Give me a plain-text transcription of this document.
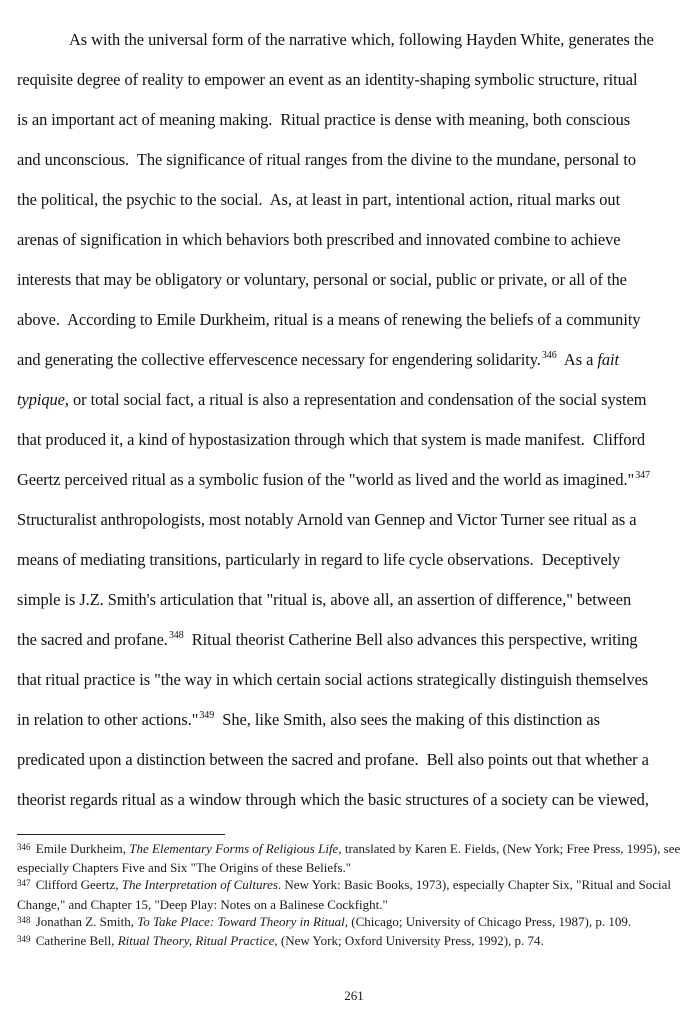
As with the universal form of the narrative which, following Hayden White, generates the
requisite degree of reality to empower an event as an identity-shaping symbolic structure, ritual
is an important act of meaning making.  Ritual practice is dense with meaning, both conscious
and unconscious.  The significance of ritual ranges from the divine to the mundane, personal to
the political, the psychic to the social.  As, at least in part, intentional action, ritual marks out
arenas of signification in which behaviors both prescribed and innovated combine to achieve
interests that may be obligatory or voluntary, personal or social, public or private, or all of the
above.  According to Emile Durkheim, ritual is a means of renewing the beliefs of a community
and generating the collective effervescence necessary for engendering solidarity.$^{346}$  As a fait
typique, or total social fact, a ritual is also a representation and condensation of the social system
that produced it, a kind of hypostasization through which that system is made manifest.  Clifford
Geertz perceived ritual as a symbolic fusion of the "world as lived and the world as imagined."$^{347}$
Structuralist anthropologists, most notably Arnold van Gennep and Victor Turner see ritual as a
means of mediating transitions, particularly in regard to life cycle observations.  Deceptively
simple is J.Z. Smith's articulation that "ritual is, above all, an assertion of difference," between
the sacred and profane.$^{348}$  Ritual theorist Catherine Bell also advances this perspective, writing
that ritual practice is "the way in which certain social actions strategically distinguish themselves
in relation to other actions."$^{349}$  She, like Smith, also sees the making of this distinction as
predicated upon a distinction between the sacred and profane.  Bell also points out that whether a
theorist regards ritual as a window through which the basic structures of a society can be viewed,

$^{346}$ Emile Durkheim, The Elementary Forms of Religious Life, translated by Karen E. Fields, (New York; Free Press, 1995), see especially Chapters Five and Six "The Origins of these Beliefs."

$^{347}$ Clifford Geertz, The Interpretation of Cultures. New York: Basic Books, 1973), especially Chapter Six, "Ritual and Social Change," and Chapter 15, "Deep Play: Notes on a Balinese Cockfight."

$^{348}$ Jonathan Z. Smith, To Take Place: Toward Theory in Ritual, (Chicago; University of Chicago Press, 1987), p. 109.

$^{349}$ Catherine Bell, Ritual Theory, Ritual Practice, (New York; Oxford University Press, 1992), p. 74.

261
